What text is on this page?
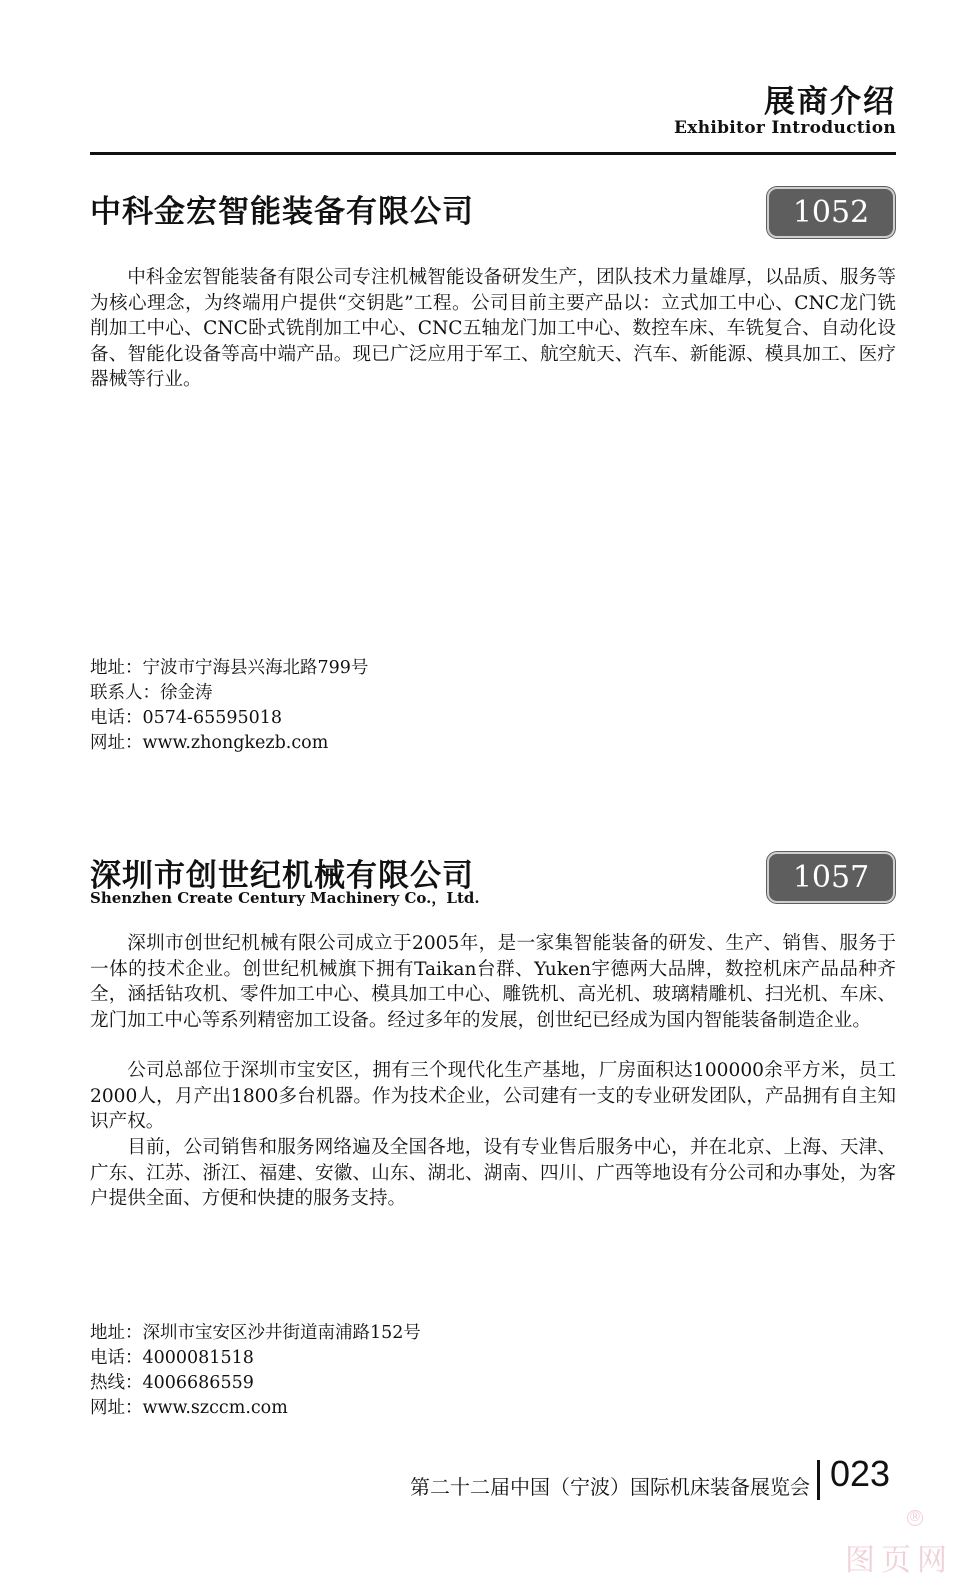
展商介绍
Exhibitor Introduction
中科金宏智能装备有限公司	1052

中科金宏智能装备有限公司专注机械智能设备研发生产，团队技术力量雄厚，以品质、服务等为核心理念，为终端用户提供“交钥匙”工程。公司目前主要产品以：立式加工中心、CNC龙门铣削加工中心、CNC卧式铣削加工中心、CNC五轴龙门加工中心、数控车床、车铣复合、自动化设备、智能化设备等高中端产品。现已广泛应用于军工、航空航天、汽车、新能源、模具加工、医疗器械等行业。

地址：宁波市宁海县兴海北路799号
联系人：徐金涛
电话：0574-65595018
网址：www.zhongkezb.com
深圳市创世纪机械有限公司
Shenzhen Create Century Machinery Co.，Ltd.
1057

深圳市创世纪机械有限公司成立于2005年，是一家集智能装备的研发、生产、销售、服务于一体的技术企业。创世纪机械旗下拥有Taikan台群、Yuken宇德两大品牌，数控机床产品品种齐全，涵括钻攻机、零件加工中心、模具加工中心、雕铣机、高光机、玻璃精雕机、扫光机、车床、龙门加工中心等系列精密加工设备。经过多年的发展，创世纪已经成为国内智能装备制造企业。

公司总部位于深圳市宝安区，拥有三个现代化生产基地，厂房面积达100000余平方米，员工2000人，月产出1800多台机器。作为技术企业，公司建有一支的专业研发团队，产品拥有自主知识产权。

目前，公司销售和服务网络遍及全国各地，设有专业售后服务中心，并在北京、上海、天津、广东、江苏、浙江、福建、安徽、山东、湖北、湖南、四川、广西等地设有分公司和办事处，为客户提供全面、方便和快捷的服务支持。

地址：深圳市宝安区沙井街道南浦路152号
电话：4000081518
热线：4006686559
网址：www.szccm.com
第二十二届中国（宁波）国际机床装备展览会 023
®
图页网
